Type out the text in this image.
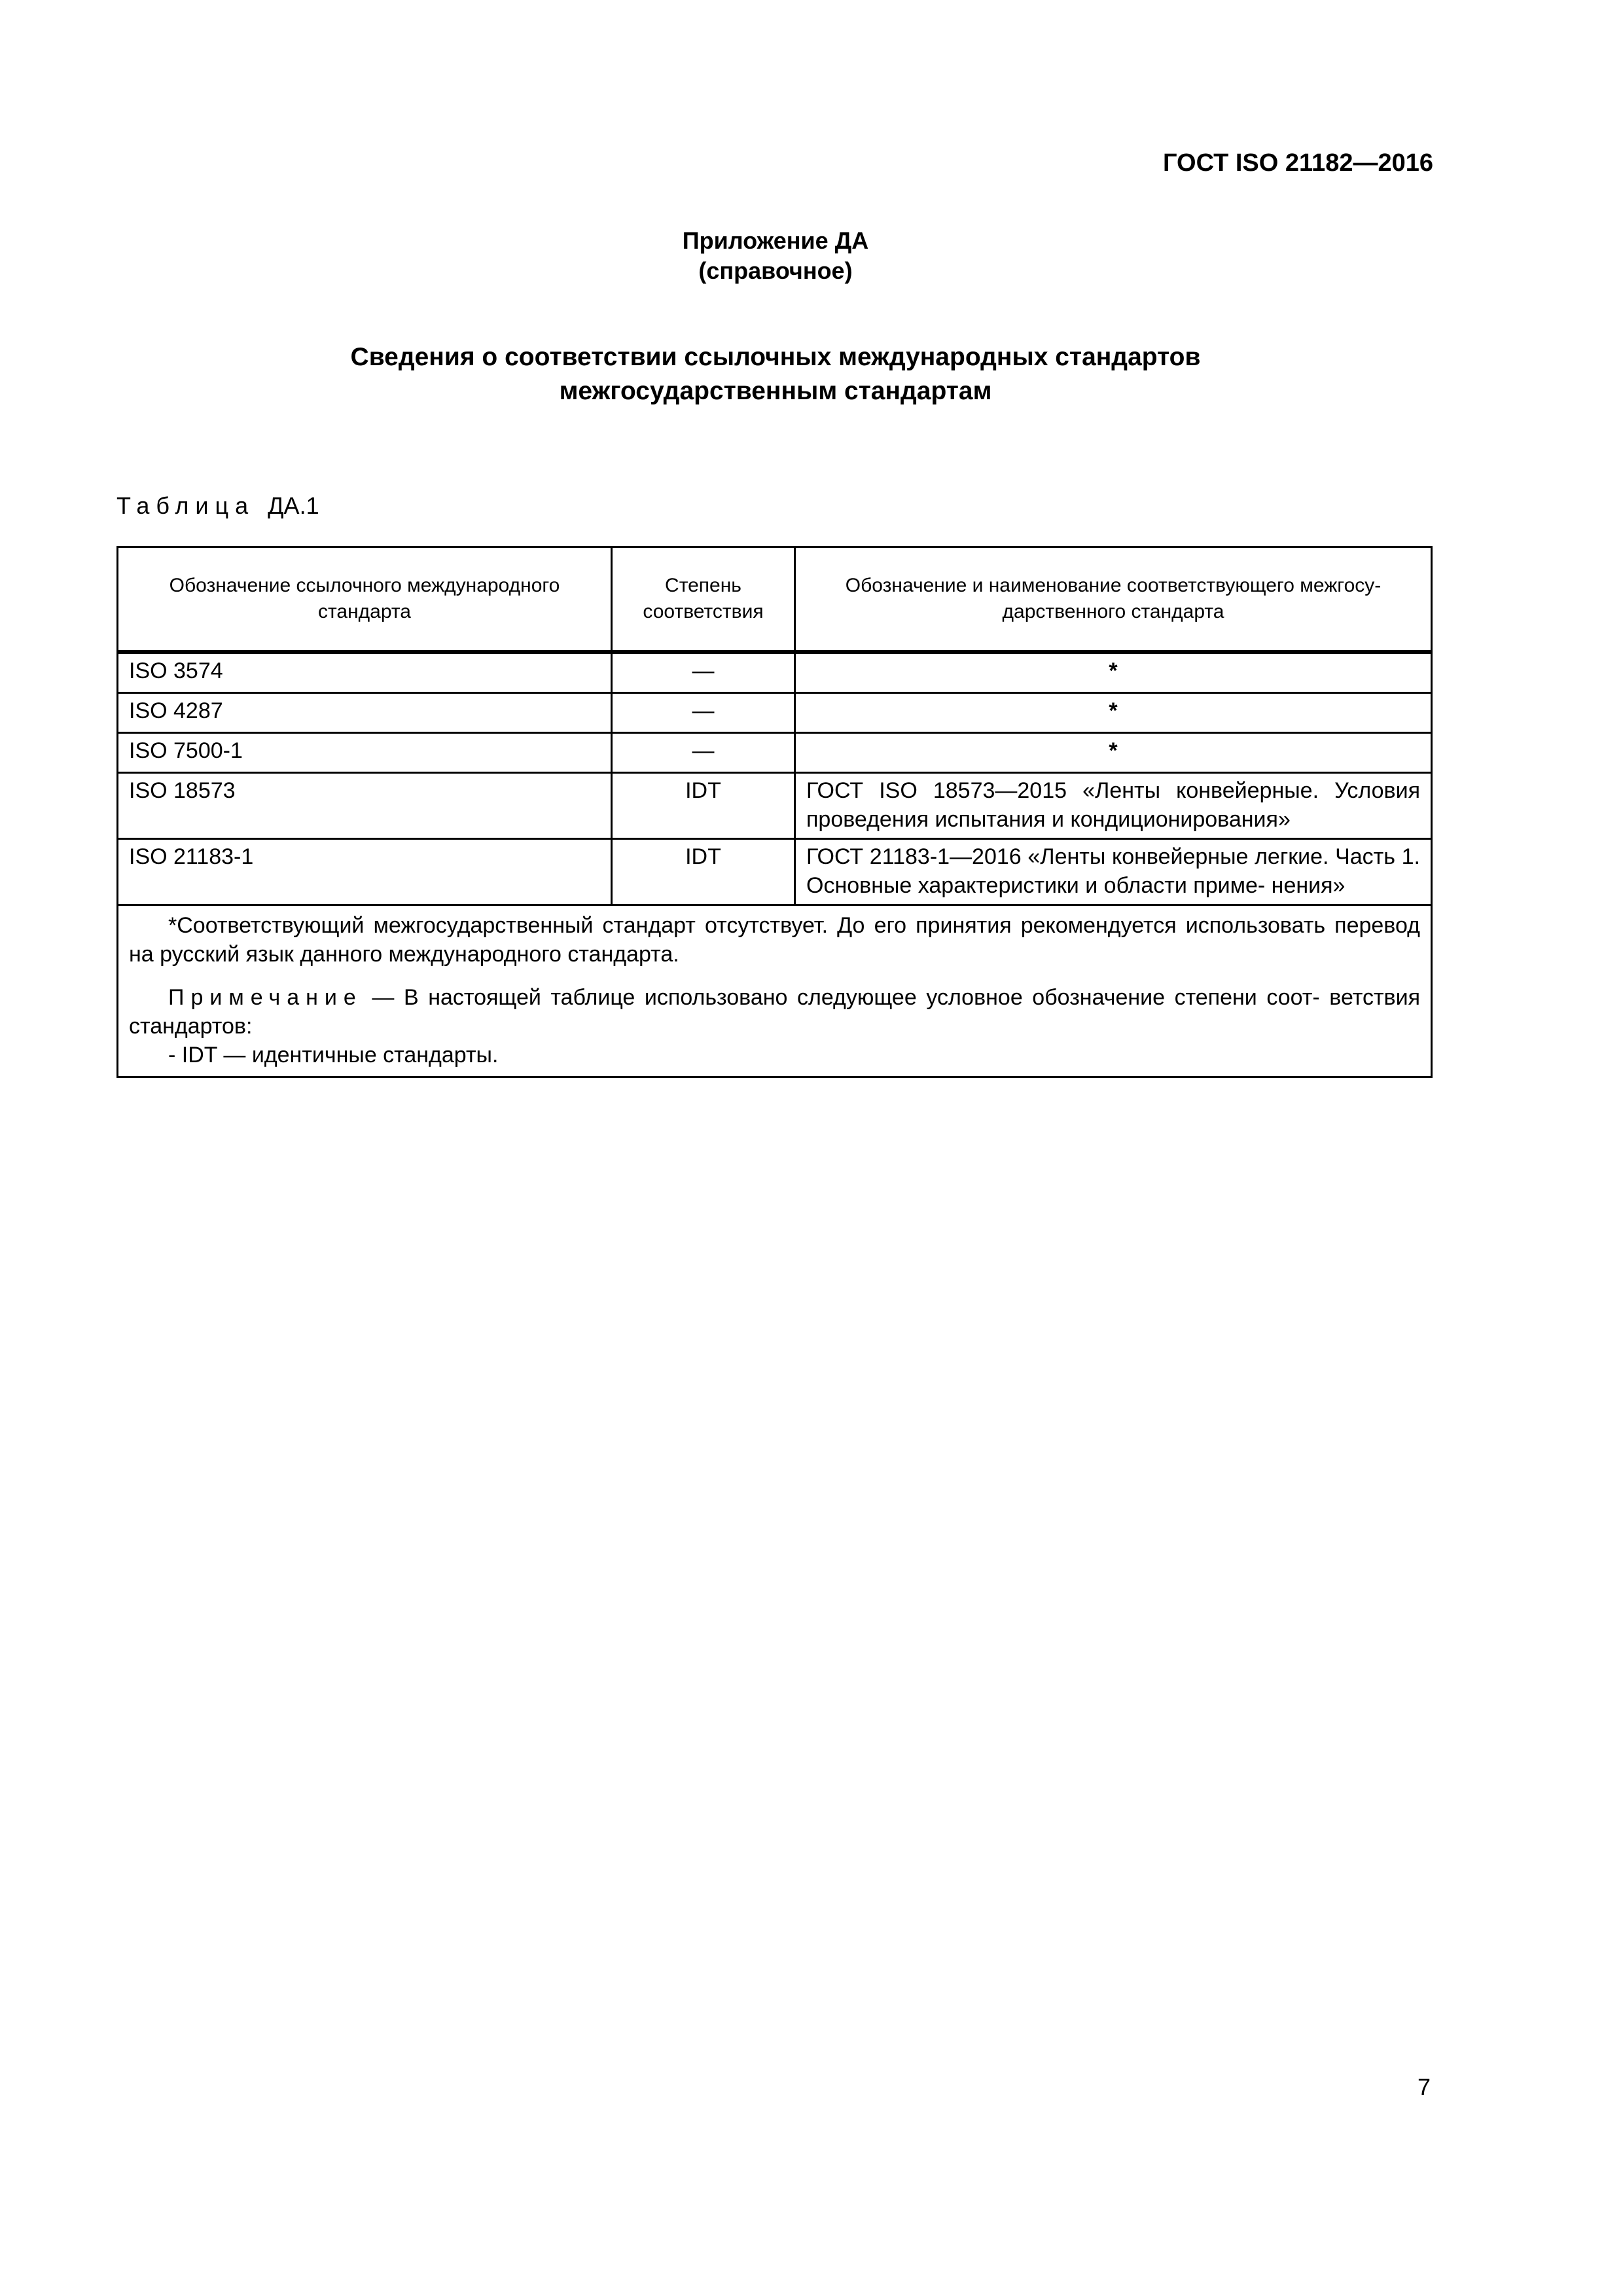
ГОСТ ISO 21182—2016
Приложение ДА
(справочное)
Сведения о соответствии ссылочных международных стандартов
межгосударственным стандартам
Таблица ДА.1
Обозначение ссылочного международного стандарта	Степень соответствия	Обозначение и наименование соответствующего межгосу- дарственного стандарта

ISO 3574	—	*
ISO 4287	—	*
ISO 7500-1	—	*
ISO 18573	IDT	ГОСТ ISO 18573—2015 «Ленты конвейерные. Условия проведения испытания и кондиционирования»
ISO 21183-1	IDT	ГОСТ 21183-1—2016 «Ленты конвейерные легкие. Часть 1. Основные характеристики и области приме- нения»

*Соответствующий межгосударственный стандарт отсутствует. До его принятия рекомендуется использовать перевод на русский язык данного международного стандарта.

Примечание — В настоящей таблице использовано следующее условное обозначение степени соот- ветствия стандартов:

- IDT — идентичные стандарты.		

7
